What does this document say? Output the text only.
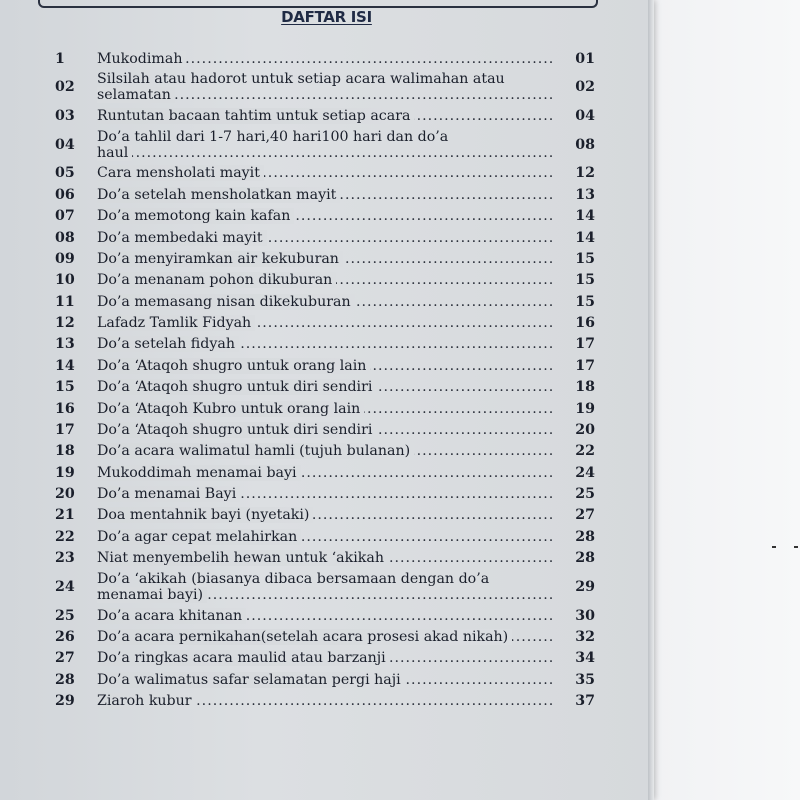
DAFTAR ISI
1	Mukodimah .....	01
02	Silsilah atau hadorot untuk setiap acara walimahan atau
selamatan .....	02
03	Runtutan bacaan tahtim untuk setiap acara .....	04
04	Do’a tahlil dari 1-7 hari,40 hari100 hari dan do’a
haul .....	08
05	Cara mensholati mayit .....	12
06	Do’a setelah mensholatkan mayit .....	13
07	Do’a memotong kain kafan .....	14
08	Do’a membedaki mayit .....	14
09	Do’a menyiramkan air kekuburan .....	15
10	Do’a menanam pohon dikuburan .....	15
11	Do’a memasang nisan dikekuburan .....	15
12	Lafadz Tamlik Fidyah .....	16
13	Do’a setelah fidyah .....	17
14	Do’a ‘Ataqoh shugro untuk orang lain .....	17
15	Do’a ‘Ataqoh shugro untuk diri sendiri .....	18
16	Do’a ‘Ataqoh Kubro untuk orang lain .....	19
17	Do’a ‘Ataqoh shugro untuk diri sendiri .....	20
18	Do’a acara walimatul hamli (tujuh bulanan) .....	22
19	Mukoddimah menamai bayi .....	24
20	Do’a menamai Bayi .....	25
21	Doa mentahnik bayi (nyetaki) .....	27
22	Do’a agar cepat melahirkan .....	28
23	Niat menyembelih hewan untuk ‘akikah .....	28
24	Do’a ‘akikah (biasanya dibaca bersamaan dengan do’a
menamai bayi) .....	29
25	Do’a acara khitanan .....	30
26	Do’a acara pernikahan(setelah acara prosesi akad nikah) .....	32
27	Do’a ringkas acara maulid atau barzanji .....	34
28	Do’a walimatus safar selamatan pergi haji .....	35
29	Ziaroh kubur .....	37
